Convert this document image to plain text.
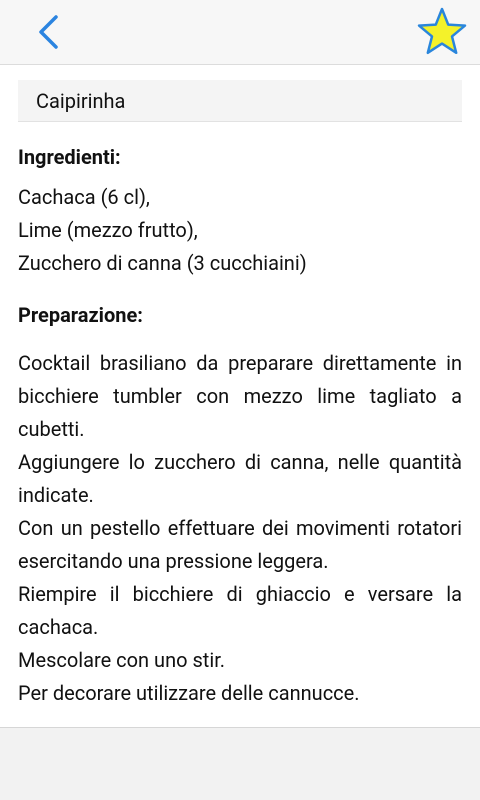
Caipirinha
Ingredienti:
Cachaca (6 cl),
Lime (mezzo frutto),
Zucchero di canna (3 cucchiaini)
Preparazione:

Cocktail brasiliano da preparare direttamente in bicchiere tumbler con mezzo lime tagliato a cubetti.

Aggiungere lo zucchero di canna, nelle quantità indicate.

Con un pestello effettuare dei movimenti rotatori esercitando una pressione leggera.

Riempire il bicchiere di ghiaccio e versare la cachaca.

Mescolare con uno stir.

Per decorare utilizzare delle cannucce.
